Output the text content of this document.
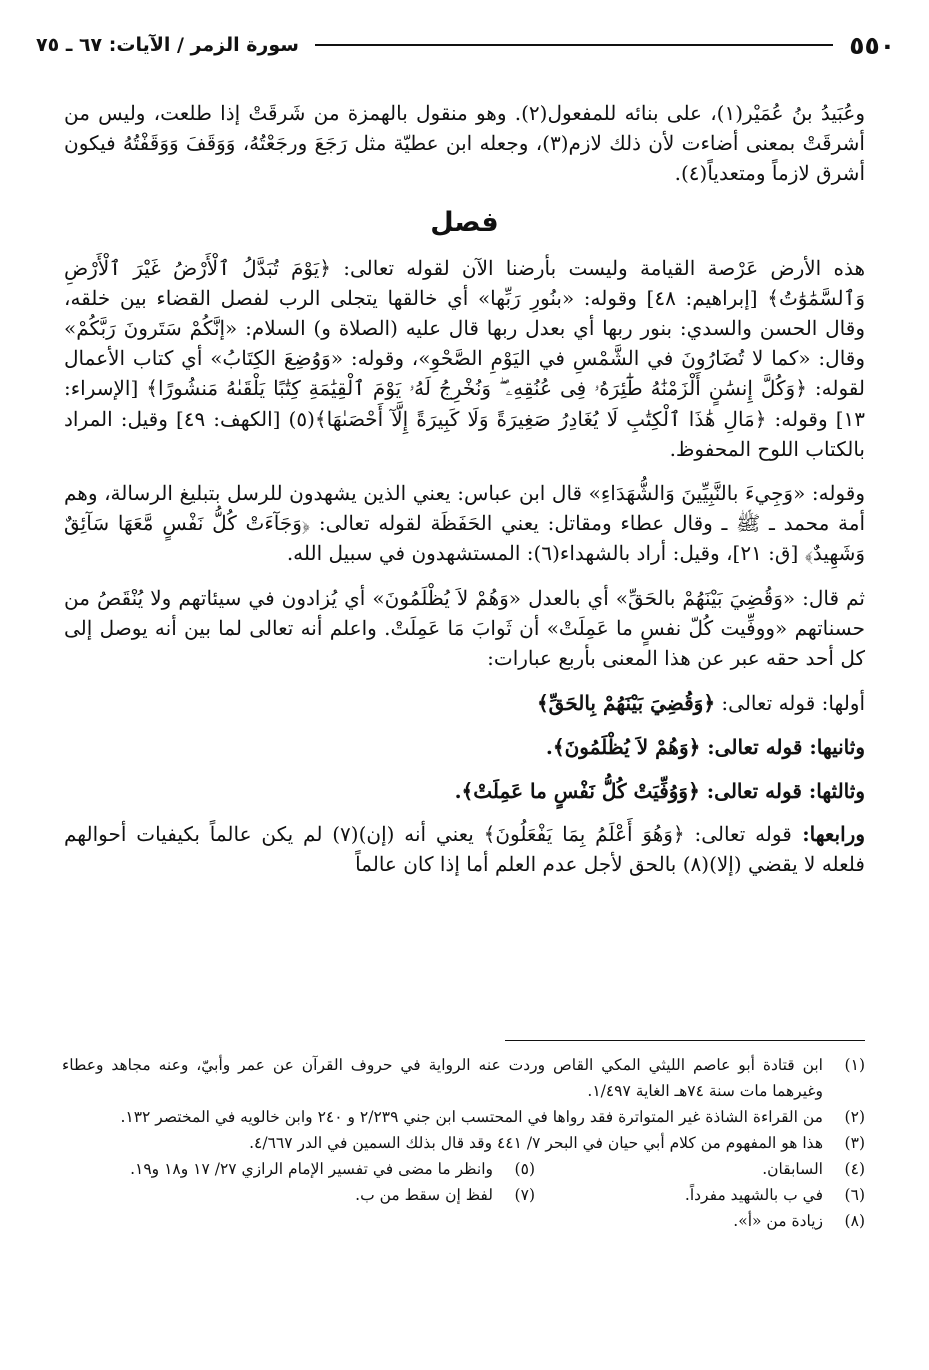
٥٥٠
سورة الزمر / الآيات: ٦٧ ـ ٧٥

وعُبَيدُ بنُ عُمَيْر(١)، على بنائه للمفعول(٢). وهو منقول بالهمزة من شَرقَتْ إذا طلعت، وليس من أشرقَتْ بمعنى أضاءت لأن ذلك لازم(٣)، وجعله ابن عطيّة مثل رَجَعَ ورجَعْتُهُ، وَوَقَفَ وَوَقَفْتُهُ فيكون أشرق لازماً ومتعدياً(٤).

فصل

هذه الأرض عَرْصة القيامة وليست بأرضنا الآن لقوله تعالى: ﴿يَوْمَ تُبَدَّلُ ٱلْأَرْضُ غَيْرَ ٱلْأَرْضِ وَٱلسَّمَٰوَٰتُ﴾ [إبراهيم: ٤٨] وقوله: «بنُورِ رَبِّها» أي خالقها يتجلى الرب لفصل القضاء بين خلقه، وقال الحسن والسدي: بنور ربها أي بعدل ربها قال عليه (الصلاة و) السلام: «إنَّكُمْ سَتَرونَ رَبَّكُمْ» وقال: «كما لا تُضَارُونَ في الشَّمْسِ في اليَوْمِ الصَّحْوِ»، وقوله: «وَوُضِعَ الكِتَابُ» أي كتاب الأعمال لقوله: ﴿وَكُلَّ إِنسَٰنٍ أَلْزَمْنَٰهُ طَٰٓئِرَهُۥ فِى عُنُقِهِۦ ۖ وَنُخْرِجُ لَهُۥ يَوْمَ ٱلْقِيَٰمَةِ كِتَٰبًا يَلْقَىٰهُ مَنشُورًا﴾ [الإسراء: ١٣] وقوله: ﴿مَالِ هَٰذَا ٱلْكِتَٰبِ لَا يُغَادِرُ صَغِيرَةً وَلَا كَبِيرَةً إِلَّآ أَحْصَىٰهَا﴾(٥) [الكهف: ٤٩] وقيل: المراد بالكتاب اللوح المحفوظ.

وقوله: «وَجِيءَ بالنَّبِيِّينَ وَالشُّهَدَاءِ» قال ابن عباس: يعني الذين يشهدون للرسل بتبليغ الرسالة، وهم أمة محمد ـ ﷺ ـ وقال عطاء ومقاتل: يعني الحَفَظَة لقوله تعالى: ﴿وَجَآءَتْ كُلُّ نَفْسٍ مَّعَهَا سَآئِقٌ وَشَهِيدٌ﴾ [ق: ٢١]، وقيل: أراد بالشهداء(٦): المستشهدون في سبيل الله.

ثم قال: «وَقُضِيَ بَيْنَهُمْ بالحَقِّ» أي بالعدل «وَهُمْ لاَ يُظْلَمُونَ» أي يُزادون في سيئاتهم ولا يُنْقَصُ من حسناتهم «ووفِّيت كُلّ نفسٍ ما عَمِلَتْ» أن ثَوابَ مَا عَمِلَتْ. واعلم أنه تعالى لما بين أنه يوصل إلى كل أحد حقه عبر عن هذا المعنى بأربع عبارات:

أولها: قوله تعالى: ﴿وَقُضِيَ بَيْنَهُمْ بِالحَقِّ﴾
وثانيها: قوله تعالى: ﴿وَهُمْ لاَ يُظْلَمُونَ﴾.
وثالثها: قوله تعالى: ﴿وَوُفِّيَتْ كُلُّ نَفْسٍ ما عَمِلَتْ﴾.

ورابعها: قوله تعالى: ﴿وَهُوَ أَعْلَمُ بِمَا يَفْعَلُونَ﴾ يعني أنه (إن)(٧) لم يكن عالماً بكيفيات أحوالهم فلعله لا يقضي (إلا)(٨) بالحق لأجل عدم العلم أما إذا كان عالماً

(١)
ابن قتادة أبو عاصم الليثي المكي القاص وردت عنه الرواية في حروف القرآن عن عمر وأبيّ، وعنه مجاهد وعطاء وغيرهما مات سنة ٧٤هـ الغاية ١/٤٩٧.
(٢)
من القراءة الشاذة غير المتواترة فقد رواها في المحتسب ابن جني ٢/٢٣٩ و ٢٤٠ وابن خالويه في المختصر ١٣٢.
(٣)
هذا هو المفهوم من كلام أبي حيان في البحر ٧/ ٤٤١ وقد قال بذلك السمين في الدر ٤/٦٦٧.
(٤)
السابقان.
(٥)
وانظر ما مضى في تفسير الإمام الرازي ٢٧/ ١٧ و١٨ و١٩.
(٦)
في ب بالشهيد مفرداً.
(٧)
لفظ إن سقط من ب.
(٨)
زيادة من «أ».
